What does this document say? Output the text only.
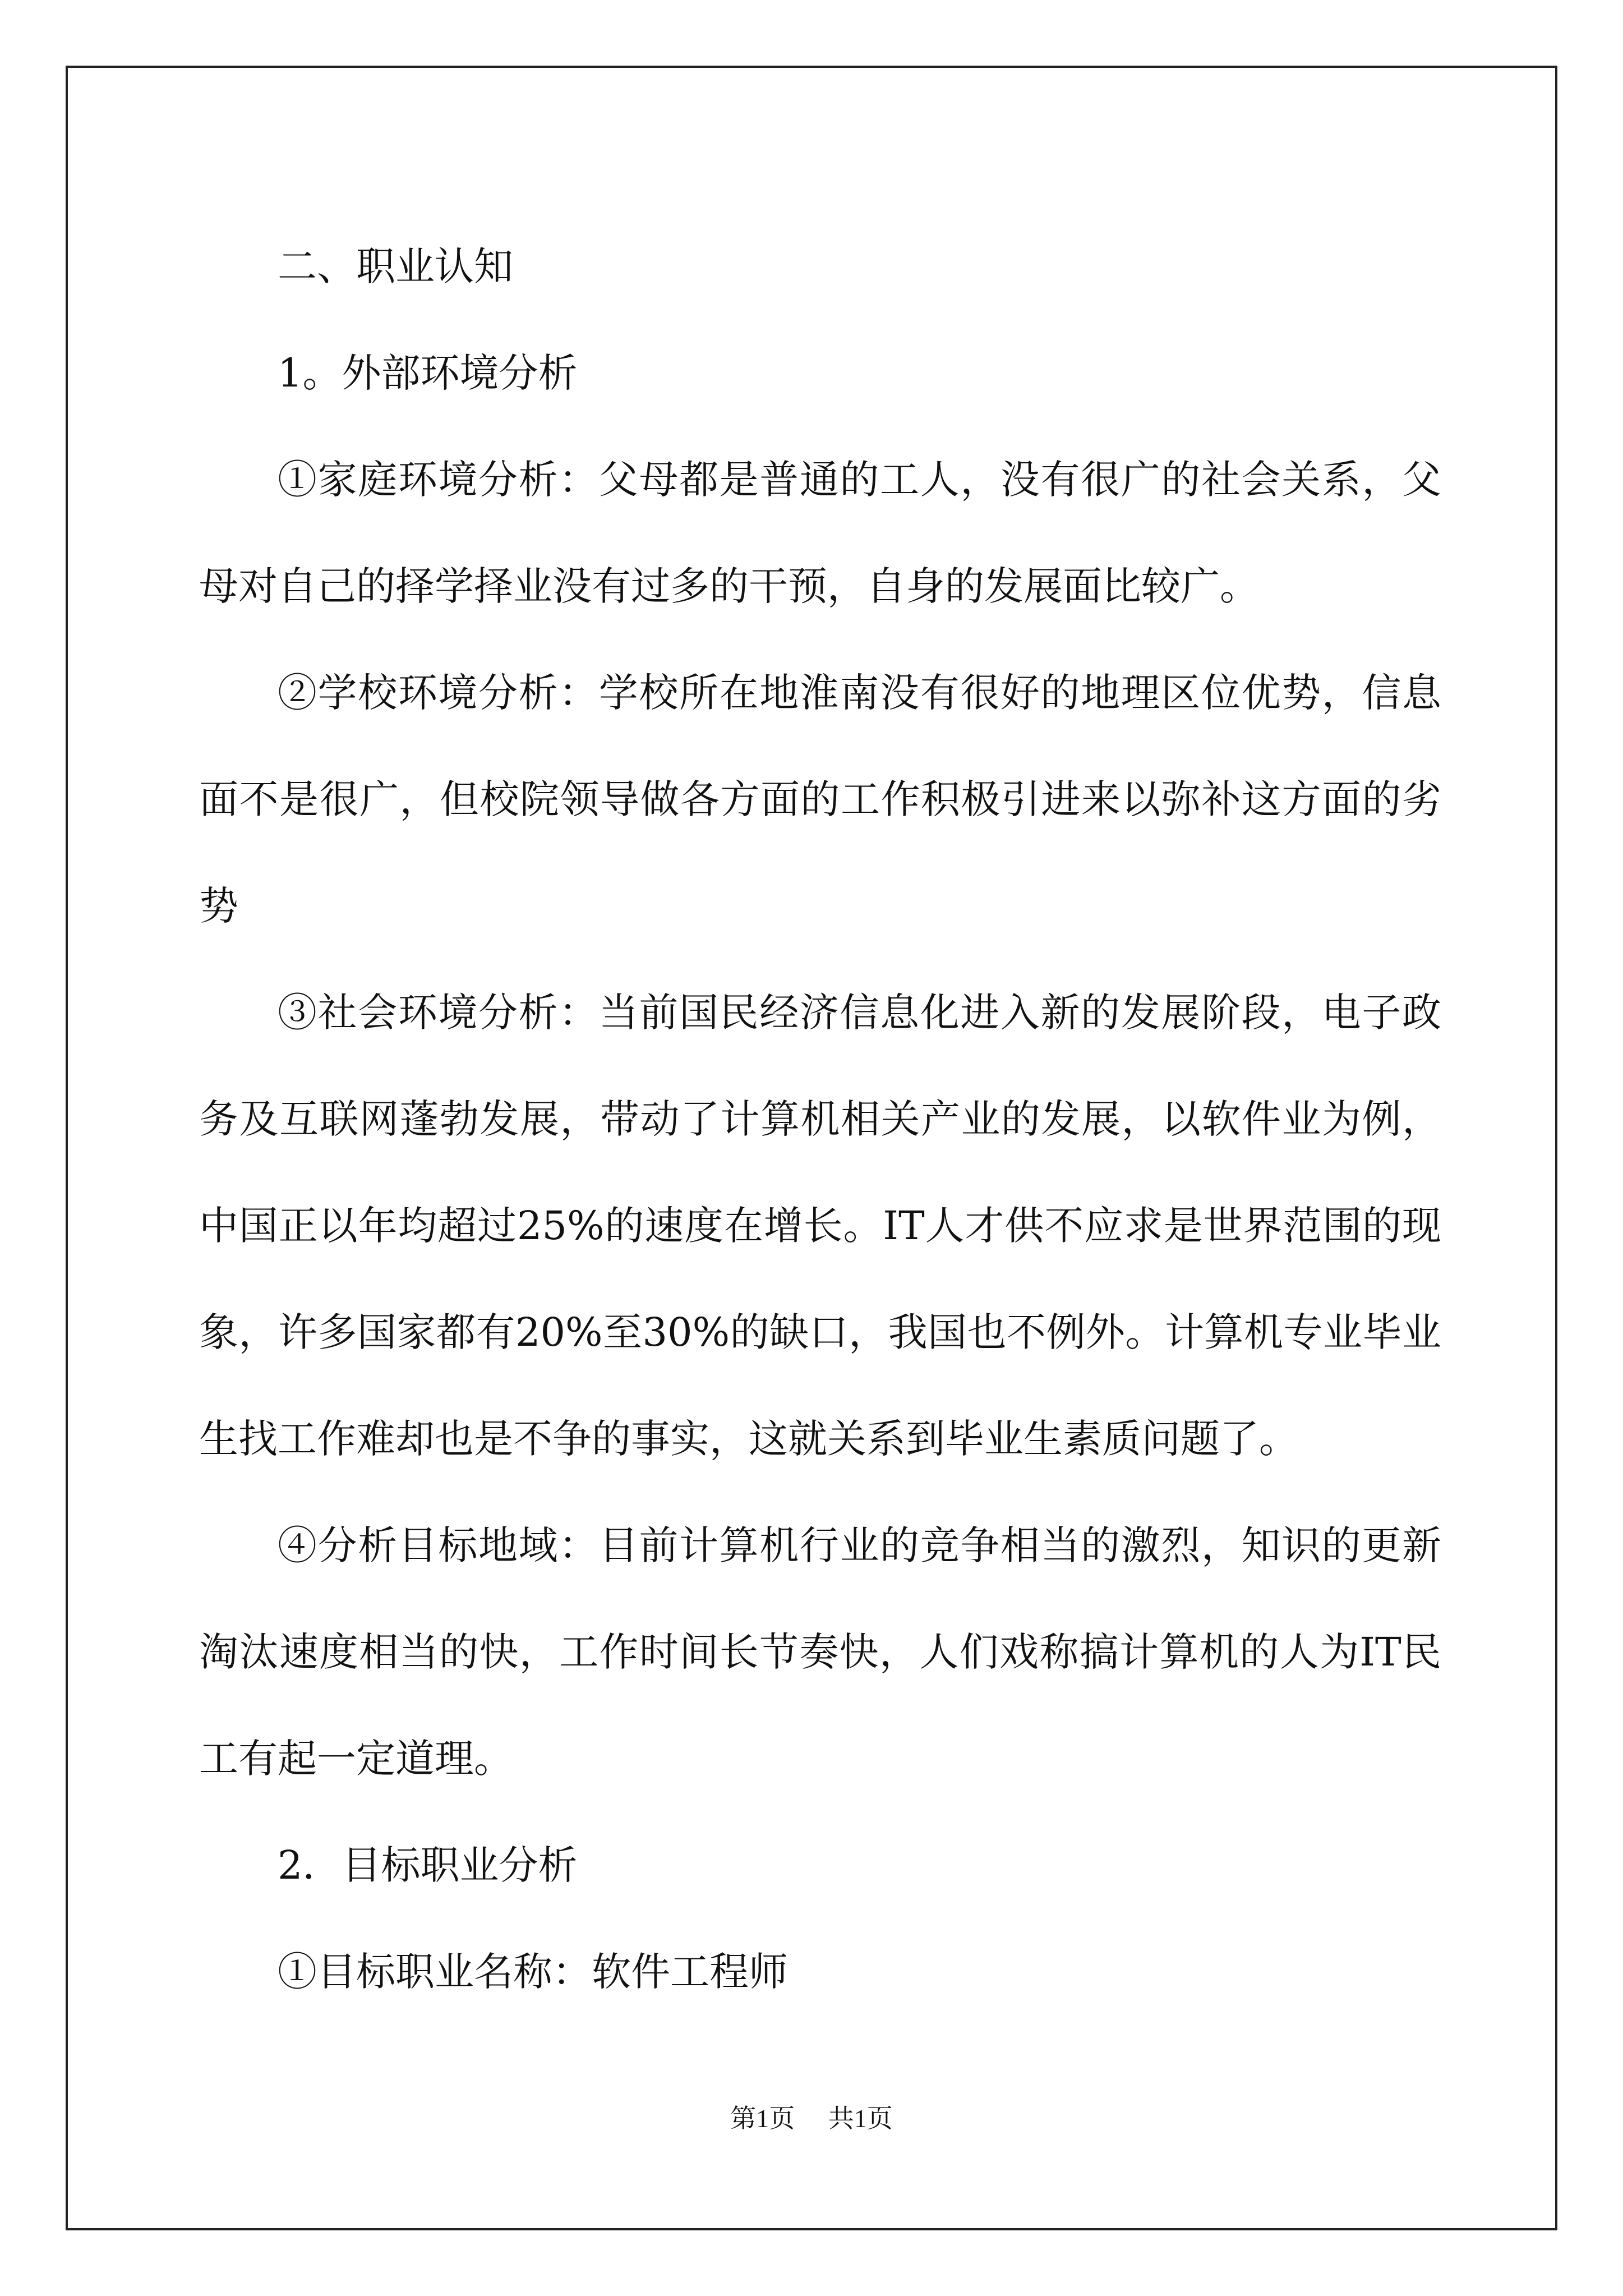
二、职业认知

1。外部环境分析

①家庭环境分析：父母都是普通的工人，没有很广的社会关系，父母对自己的择学择业没有过多的干预，自身的发展面比较广。

②学校环境分析：学校所在地淮南没有很好的地理区位优势，信息面不是很广，但校院领导做各方面的工作积极引进来以弥补这方面的劣势

③社会环境分析：当前国民经济信息化进入新的发展阶段，电子政务及互联网蓬勃发展，带动了计算机相关产业的发展，以软件业为例，中国正以年均超过25%的速度在增长。IT人才供不应求是世界范围的现象，许多国家都有20%至30%的缺口，我国也不例外。计算机专业毕业生找工作难却也是不争的事实，这就关系到毕业生素质问题了。

④分析目标地域：目前计算机行业的竞争相当的激烈，知识的更新淘汰速度相当的快，工作时间长节奏快，人们戏称搞计算机的人为IT民工有起一定道理。

2．目标职业分析

①目标职业名称：软件工程师

第1页 共1页
